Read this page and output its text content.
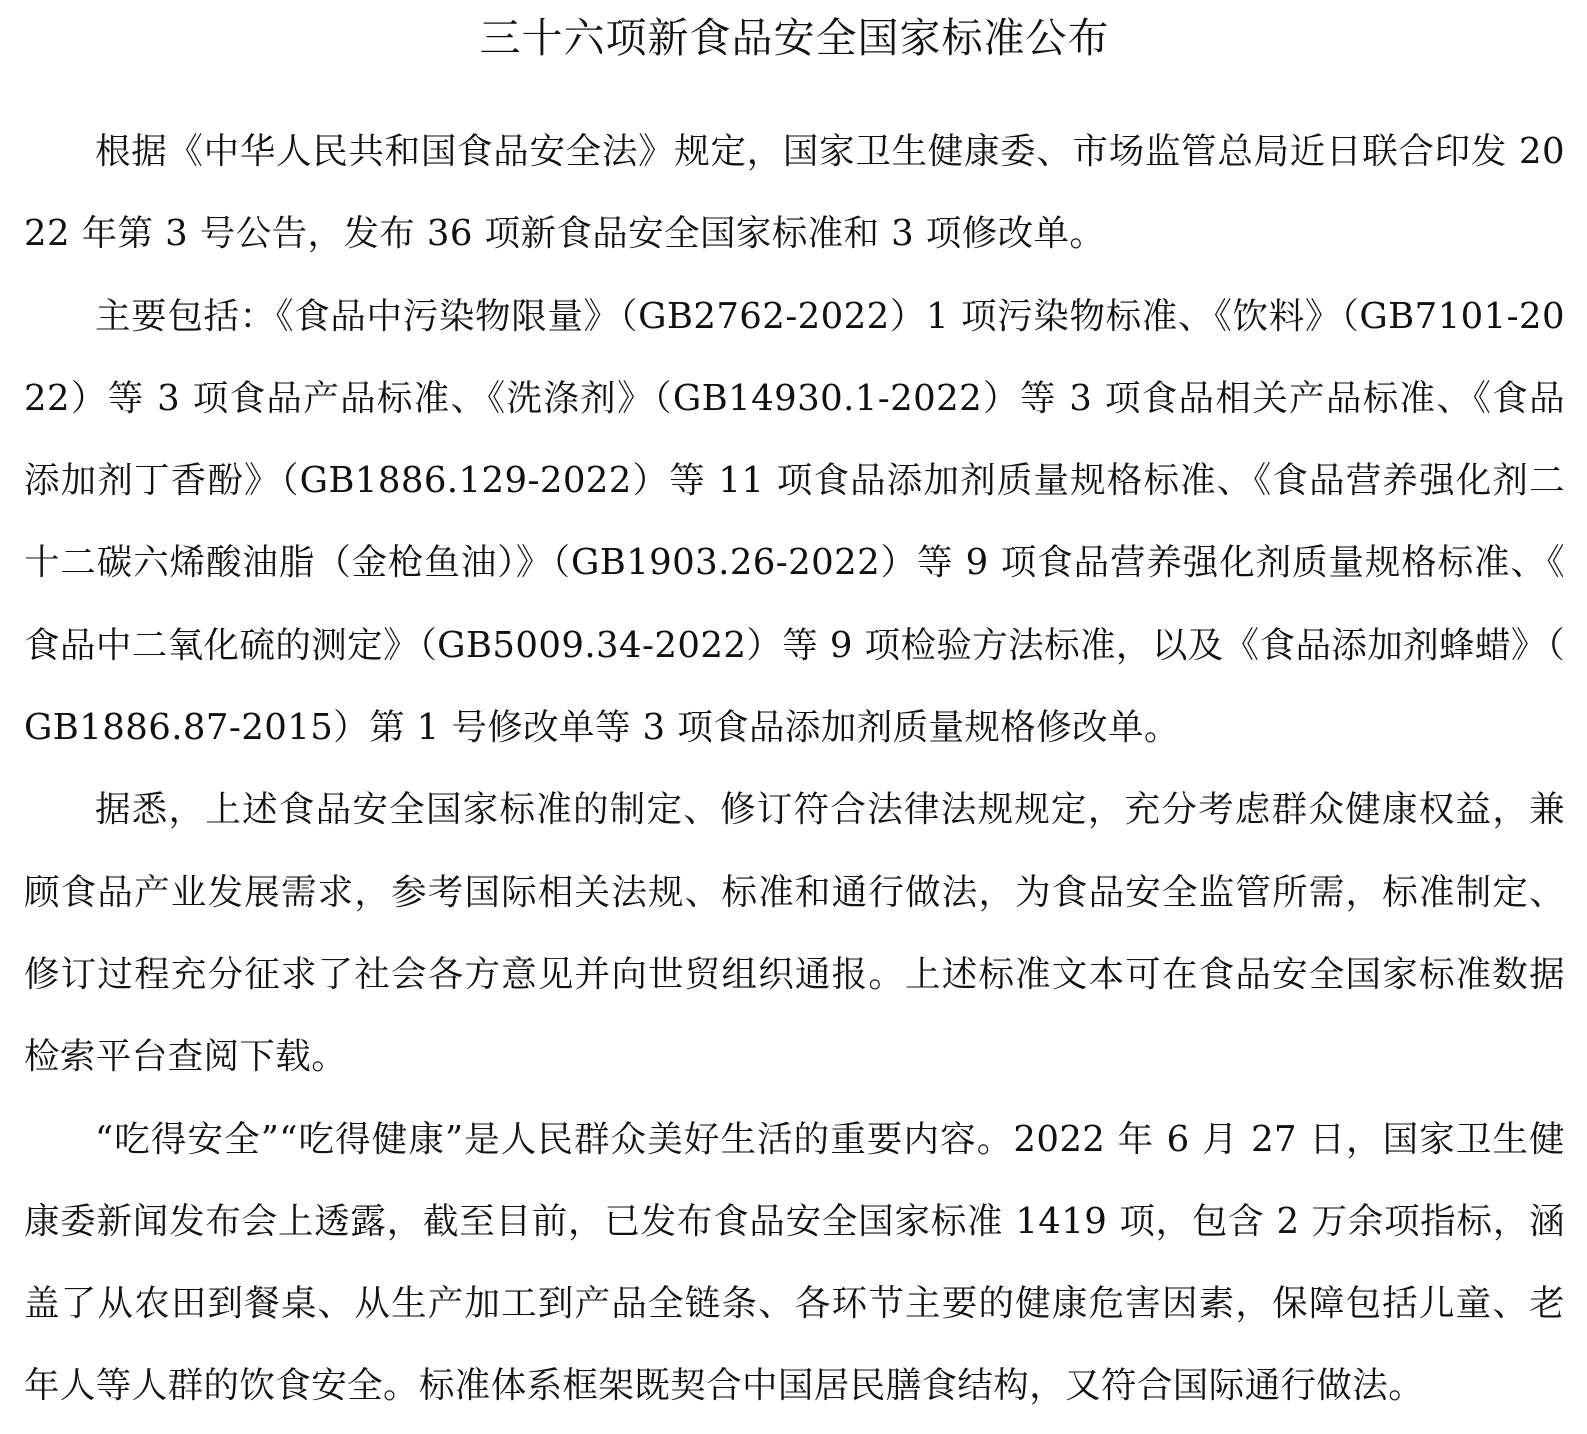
三十六项新食品安全国家标准公布

根据《中华人民共和国食品安全法》规定，国家卫生健康委、市场监管总局近日联合印发 2022 年第 3 号公告，发布 36 项新食品安全国家标准和 3 项修改单。

主要包括：《食品中污染物限量》（GB2762-2022）1 项污染物标准、《饮料》（GB7101-2022）等 3 项食品产品标准、《洗涤剂》（GB14930.1-2022）等 3 项食品相关产品标准、《食品添加剂丁香酚》（GB1886.129-2022）等 11 项食品添加剂质量规格标准、《食品营养强化剂二十二碳六烯酸油脂（金枪鱼油）》（GB1903.26-2022）等 9 项食品营养强化剂质量规格标准、《食品中二氧化硫的测定》（GB5009.34-2022）等 9 项检验方法标准，以及《食品添加剂蜂蜡》（GB1886.87-2015）第 1 号修改单等 3 项食品添加剂质量规格修改单。

据悉，上述食品安全国家标准的制定、修订符合法律法规规定，充分考虑群众健康权益，兼顾食品产业发展需求，参考国际相关法规、标准和通行做法，为食品安全监管所需，标准制定、修订过程充分征求了社会各方意见并向世贸组织通报。上述标准文本可在食品安全国家标准数据检索平台查阅下载。

“吃得安全”“吃得健康”是人民群众美好生活的重要内容。2022 年 6 月 27 日，国家卫生健康委新闻发布会上透露，截至目前，已发布食品安全国家标准 1419 项，包含 2 万余项指标，涵盖了从农田到餐桌、从生产加工到产品全链条、各环节主要的健康危害因素，保障包括儿童、老年人等人群的饮食安全。标准体系框架既契合中国居民膳食结构，又符合国际通行做法。
